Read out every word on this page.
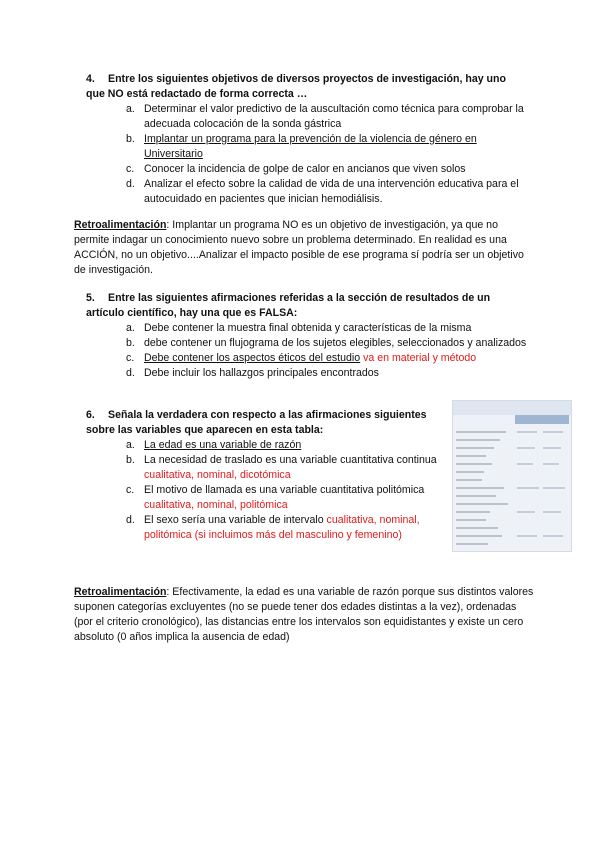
4. Entre los siguientes objetivos de diversos proyectos de investigación, hay uno que NO está redactado de forma correcta …
a. Determinar el valor predictivo de la auscultación como técnica para comprobar la adecuada colocación de la sonda gástrica
b. Implantar un programa para la prevención de la violencia de género en Universitario
c. Conocer la incidencia de golpe de calor en ancianos que viven solos
d. Analizar el efecto sobre la calidad de vida de una intervención educativa para el autocuidado en pacientes que inician hemodiálisis.
Retroalimentación: Implantar un programa NO es un objetivo de investigación, ya que no permite indagar un conocimiento nuevo sobre un problema determinado. En realidad es una ACCIÓN, no un objetivo....Analizar el impacto posible de ese programa sí podría ser un objetivo de investigación.
5. Entre las siguientes afirmaciones referidas a la sección de resultados de un artículo científico, hay una que es FALSA:
a. Debe contener la muestra final obtenida y características de la misma
b. debe contener un flujograma de los sujetos elegibles, seleccionados y analizados
c. Debe contener los aspectos éticos del estudio va en material y método
d. Debe incluir los hallazgos principales encontrados
6. Señala la verdadera con respecto a las afirmaciones siguientes sobre las variables que aparecen en esta tabla:
a. La edad es una variable de razón
b. La necesidad de traslado es una variable cuantitativa continua cualitativa, nominal, dicotómica
c. El motivo de llamada es una variable cuantitativa politómica cualitativa, nominal, politómica
d. El sexo sería una variable de intervalo cualitativa, nominal, politómica (si incluimos más del masculino y femenino)
Retroalimentación: Efectivamente, la edad es una variable de razón porque sus distintos valores suponen categorías excluyentes (no se puede tener dos edades distintas a la vez), ordenadas (por el criterio cronológico), las distancias entre los intervalos son equidistantes y existe un cero absoluto (0 años implica la ausencia de edad)
